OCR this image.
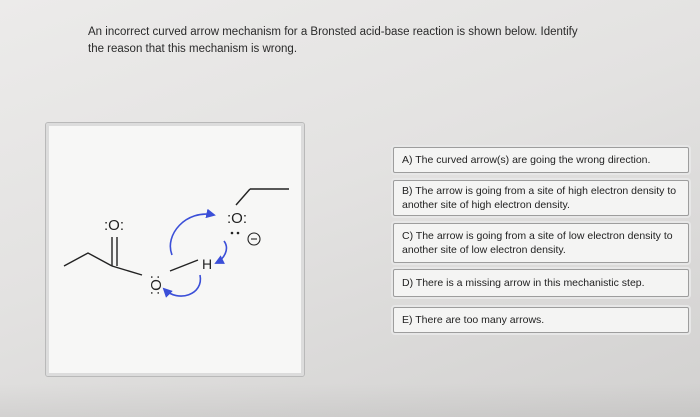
An incorrect curved arrow mechanism for a Bronsted acid-base reaction is shown below. Identify
the reason that this mechanism is wrong.
:O:
:O:
H
:O:
A) The curved arrow(s) are going the wrong direction.
B) The arrow is going from a site of high electron density to another site of high electron density.
C) The arrow is going from a site of low electron density to another site of low electron density.
D) There is a missing arrow in this mechanistic step.
E) There are too many arrows.
